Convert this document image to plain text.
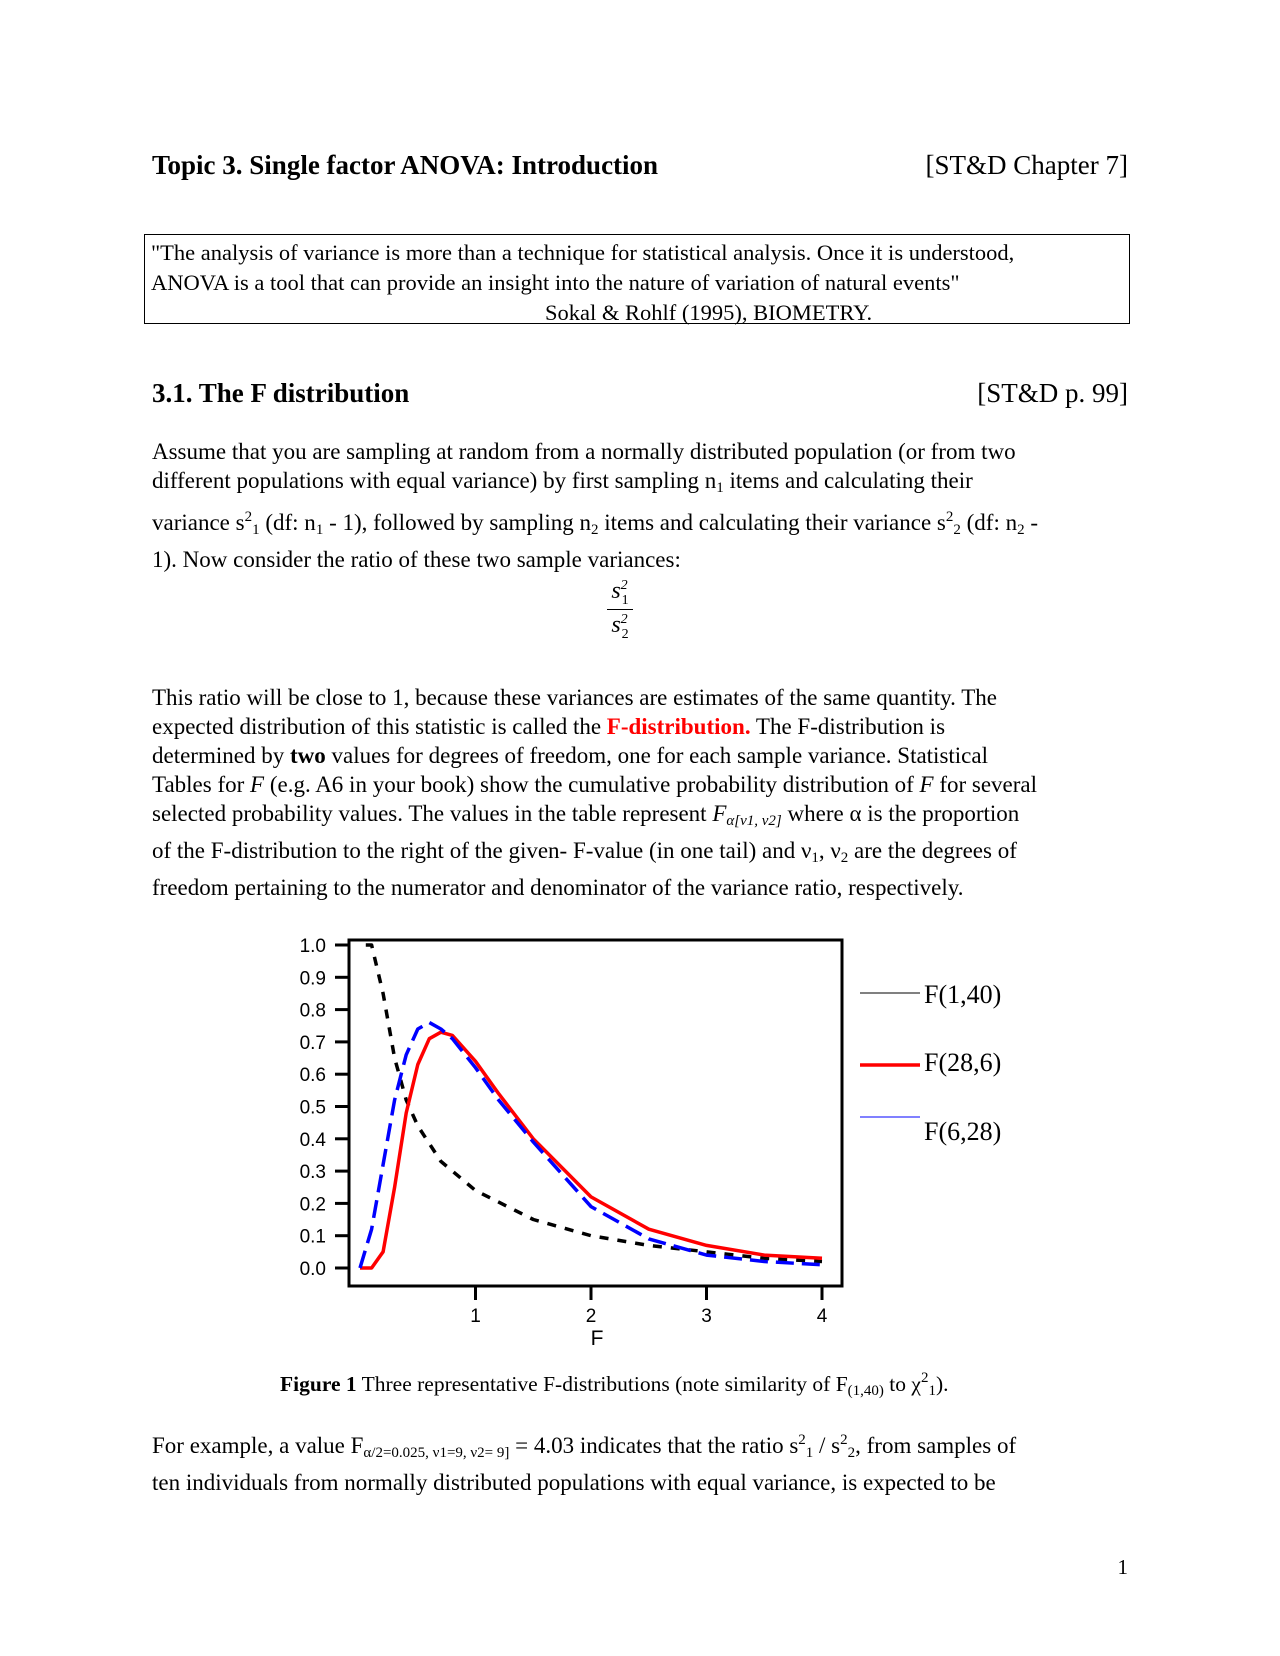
Topic 3. Single factor ANOVA: Introduction	[ST&D Chapter 7]
"The analysis of variance is more than a technique for statistical analysis. Once it is understood,
ANOVA is a tool that can provide an insight into the nature of variation of natural events"
Sokal & Rohlf (1995), BIOMETRY.
3.1. The F distribution	[ST&D p. 99]
Assume that you are sampling at random from a normally distributed population (or from two
different populations with equal variance) by first sampling $n_1$ items and calculating their
variance $s^2_1$ (df: $n_1 - 1$), followed by sampling $n_2$ items and calculating their variance $s^2_2$ (df: $n_2$ -
1). Now consider the ratio of these two sample variances:
$\frac{s^2_1}{s^2_2}$
This ratio will be close to 1, because these variances are estimates of the same quantity. The
expected distribution of this statistic is called the F-distribution. The F-distribution is
determined by two values for degrees of freedom, one for each sample variance. Statistical
Tables for F (e.g. A6 in your book) show the cumulative probability distribution of F for several
selected probability values. The values in the table represent $F_{\alpha[v1, v2]}$ where α is the proportion
of the F-distribution to the right of the given- F-value (in one tail) and $\nu_1$, $\nu_2$ are the degrees of
freedom pertaining to the numerator and denominator of the variance ratio, respectively.
1.0
0.9
0.8
0.7
0.6
0.5
0.4
0.3
0.2
0.1
0.0
1	2	3	4
F
F(1,40)
F(28,6)
F(6,28)
Figure 1 Three representative F-distributions (note similarity of $F_{(1,40)}$ to $\chi^2_1$).
For example, a value $F_{\alpha/2=0.025, \nu 1=9, \nu 2= 9]} = 4.03$ indicates that the ratio $s^2_1 / s^2_2$, from samples of
ten individuals from normally distributed populations with equal variance, is expected to be
1
